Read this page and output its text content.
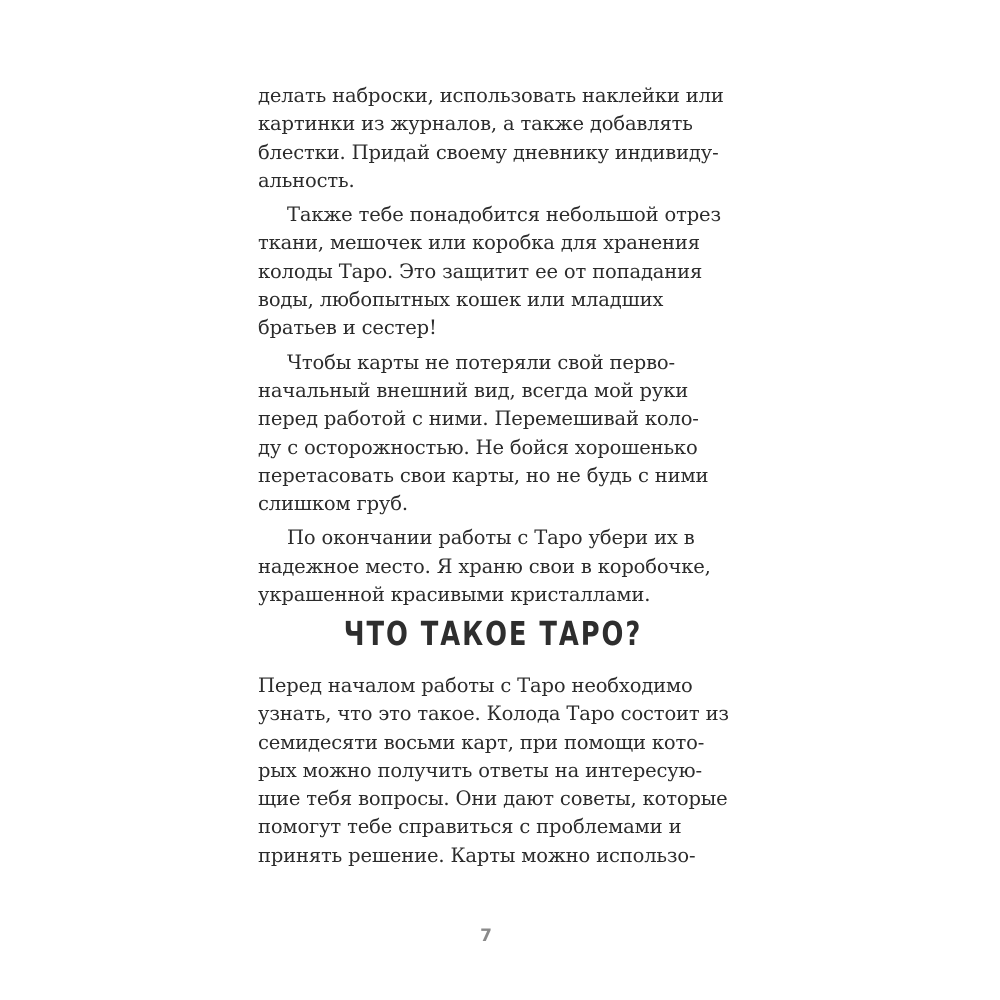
делать наброски, использовать наклейки или
картинки из журналов, а также добавлять
блестки. Придай своему дневнику индивиду-
альность.
Также тебе понадобится небольшой отрез
ткани, мешочек или коробка для хранения
колоды Таро. Это защитит ее от попадания
воды, любопытных кошек или младших
братьев и сестер!
Чтобы карты не потеряли свой перво-
начальный внешний вид, всегда мой руки
перед работой с ними. Перемешивай коло-
ду с осторожностью. Не бойся хорошенько
перетасовать свои карты, но не будь с ними
слишком груб.
По окончании работы с Таро убери их в
надежное место. Я храню свои в коробочке,
украшенной красивыми кристаллами.
ЧТО ТАКОЕ ТАРО?
Перед началом работы с Таро необходимо
узнать, что это такое. Колода Таро состоит из
семидесяти восьми карт, при помощи кото-
рых можно получить ответы на интересую-
щие тебя вопросы. Они дают советы, которые
помогут тебе справиться с проблемами и
принять решение. Карты можно использо-
7
